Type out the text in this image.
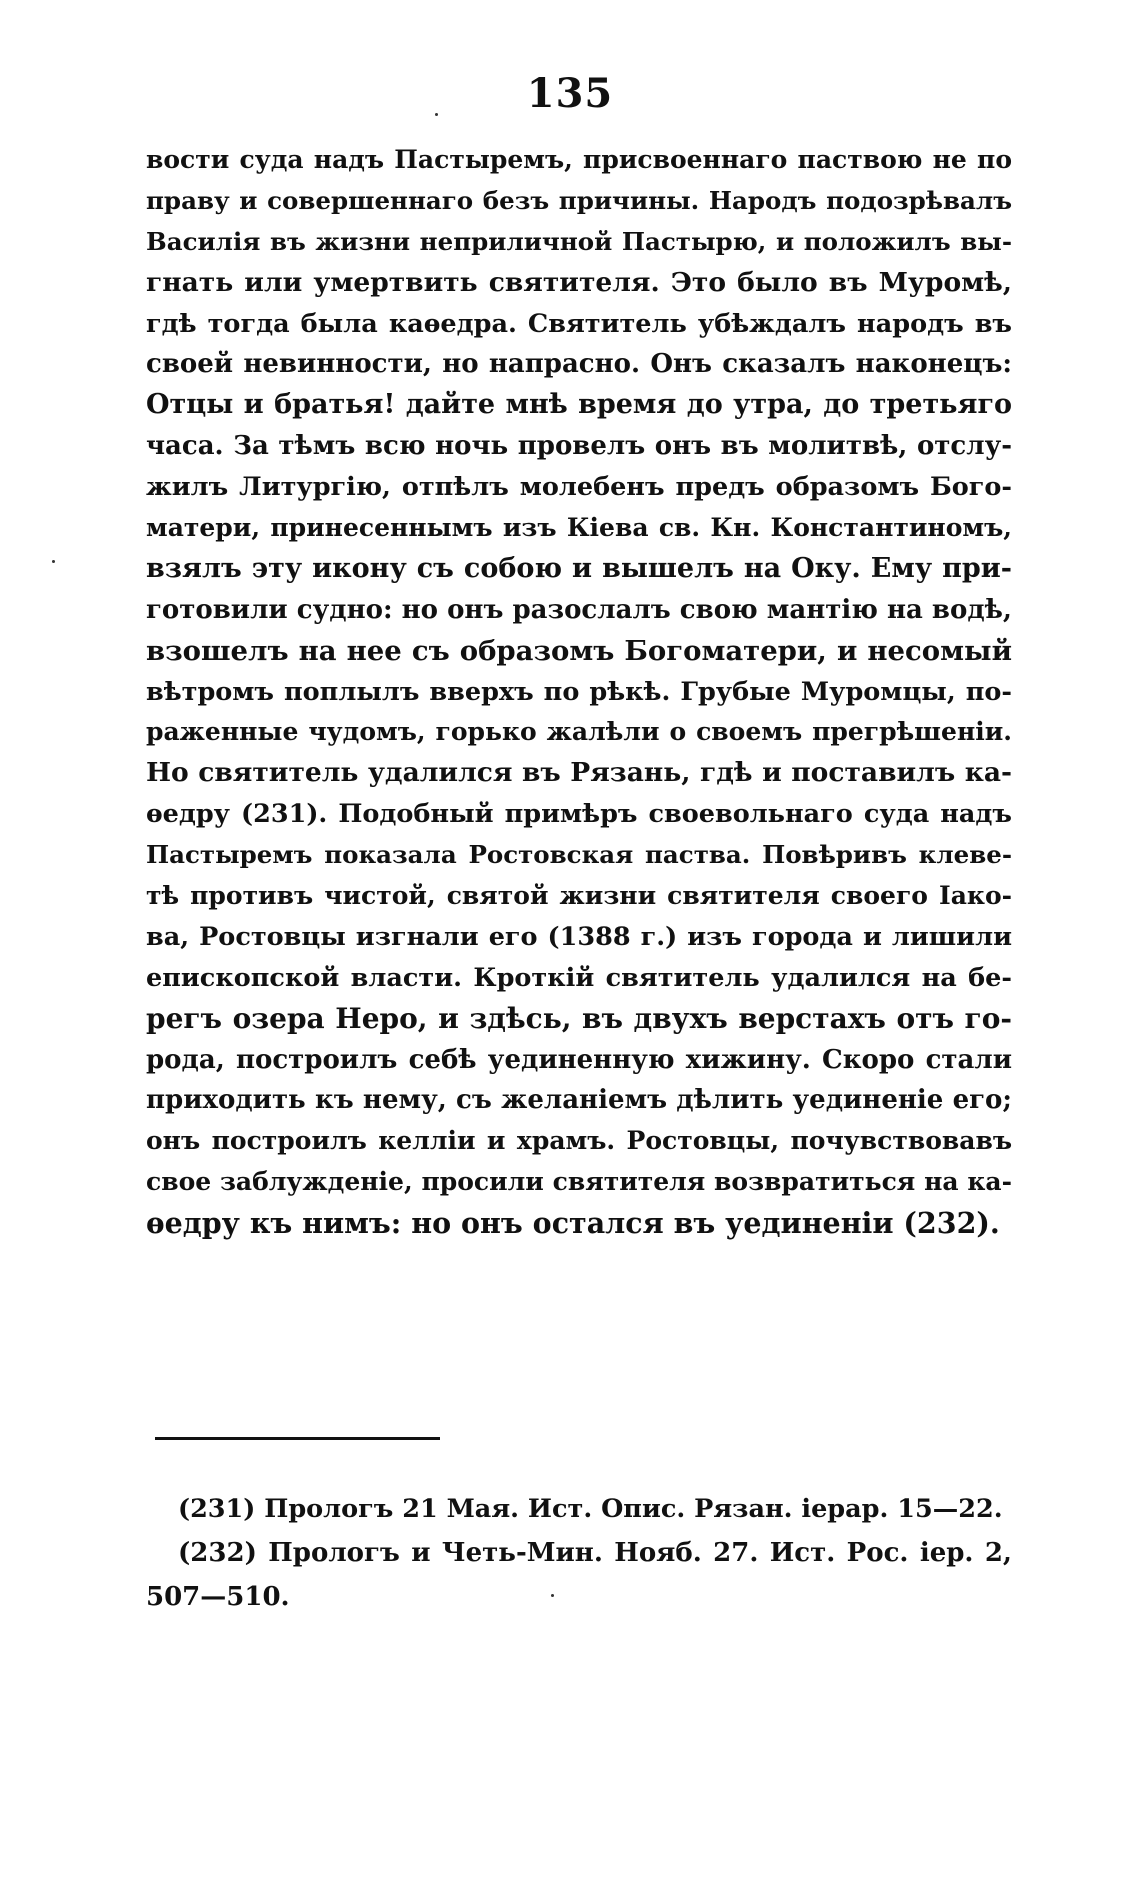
135
вости суда надъ Пастыремъ, присвоеннаго паствою не по
праву и совершеннаго безъ причины. Народъ подозрѣвалъ
Василія въ жизни неприличной Пастырю, и положилъ вы-
гнать или умертвить святителя. Это было въ Муромѣ,
гдѣ тогда была каѳедра. Святитель убѣждалъ народъ въ
своей невинности, но напрасно. Онъ сказалъ наконецъ:
Отцы и братья! дайте мнѣ время до утра, до третьяго
часа. За тѣмъ всю ночь провелъ онъ въ молитвѣ, отслу-
жилъ Литургію, отпѣлъ молебенъ предъ образомъ Бого-
матери, принесеннымъ изъ Кіева св. Кн. Константиномъ,
взялъ эту икону съ собою и вышелъ на Оку. Ему при-
готовили судно: но онъ разослалъ свою мантію на водѣ,
взошелъ на нее съ образомъ Богоматери, и несомый
вѣтромъ поплылъ вверхъ по рѣкѣ. Грубые Муромцы, по-
раженные чудомъ, горько жалѣли о своемъ прегрѣшеніи.
Но святитель удалился въ Рязань, гдѣ и поставилъ ка-
ѳедру (231). Подобный примѣръ своевольнаго суда надъ
Пастыремъ показала Ростовская паства. Повѣривъ клеве-
тѣ противъ чистой, святой жизни святителя своего Іако-
ва, Ростовцы изгнали его (1388 г.) изъ города и лишили
епископской власти. Кроткій святитель удалился на бе-
регъ озера Неро, и здѣсь, въ двухъ верстахъ отъ го-
рода, построилъ себѣ уединенную хижину. Скоро стали
приходить къ нему, съ желаніемъ дѣлить уединеніе его;
онъ построилъ келліи и храмъ. Ростовцы, почувствовавъ
свое заблужденіе, просили святителя возвратиться на ка-
ѳедру къ нимъ: но онъ остался въ уединеніи (232).
(231) Прологъ 21 Мая. Ист. Опис. Рязан. іерар. 15—22.
(232) Прологъ и Четь-Мин. Нояб. 27. Ист. Рос. іер. 2,
507—510.
